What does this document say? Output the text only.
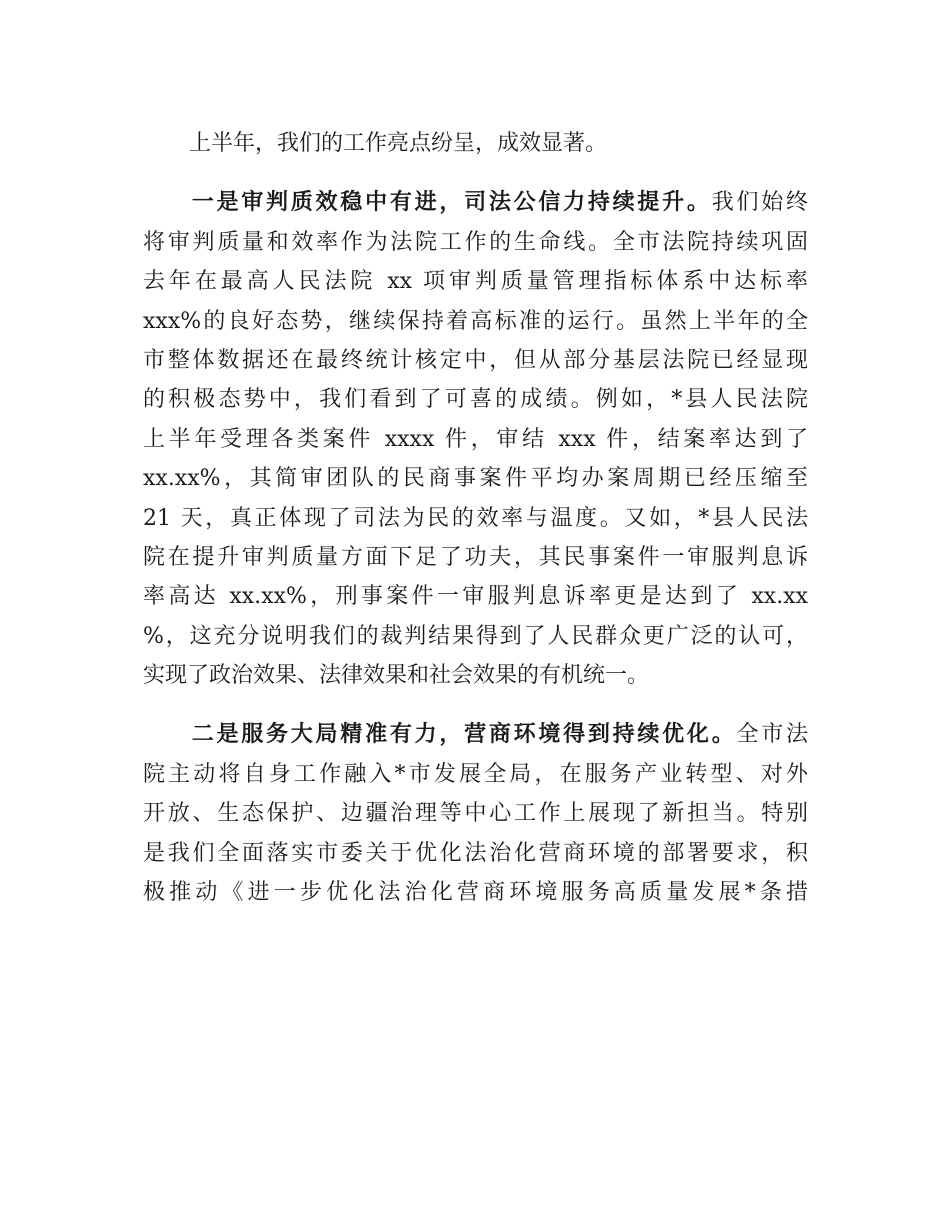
上半年，我们的工作亮点纷呈，成效显著。

一是审判质效稳中有进，司法公信力持续提升。我们始终
将审判质量和效率作为法院工作的生命线。全市法院持续巩固
去年在最高人民法院 xx 项审判质量管理指标体系中达标率
xxx%的良好态势，继续保持着高标准的运行。虽然上半年的全
市整体数据还在最终统计核定中，但从部分基层法院已经显现
的积极态势中，我们看到了可喜的成绩。例如，*县人民法院
上半年受理各类案件 xxxx 件，审结 xxx 件，结案率达到了
xx.xx%，其简审团队的民商事案件平均办案周期已经压缩至
21 天，真正体现了司法为民的效率与温度。又如，*县人民法
院在提升审判质量方面下足了功夫，其民事案件一审服判息诉
率高达 xx.xx%，刑事案件一审服判息诉率更是达到了 xx.xx
%，这充分说明我们的裁判结果得到了人民群众更广泛的认可，
实现了政治效果、法律效果和社会效果的有机统一。

二是服务大局精准有力，营商环境得到持续优化。全市法
院主动将自身工作融入*市发展全局，在服务产业转型、对外
开放、生态保护、边疆治理等中心工作上展现了新担当。特别
是我们全面落实市委关于优化法治化营商环境的部署要求，积
极推动《进一步优化法治化营商环境服务高质量发展*条措
